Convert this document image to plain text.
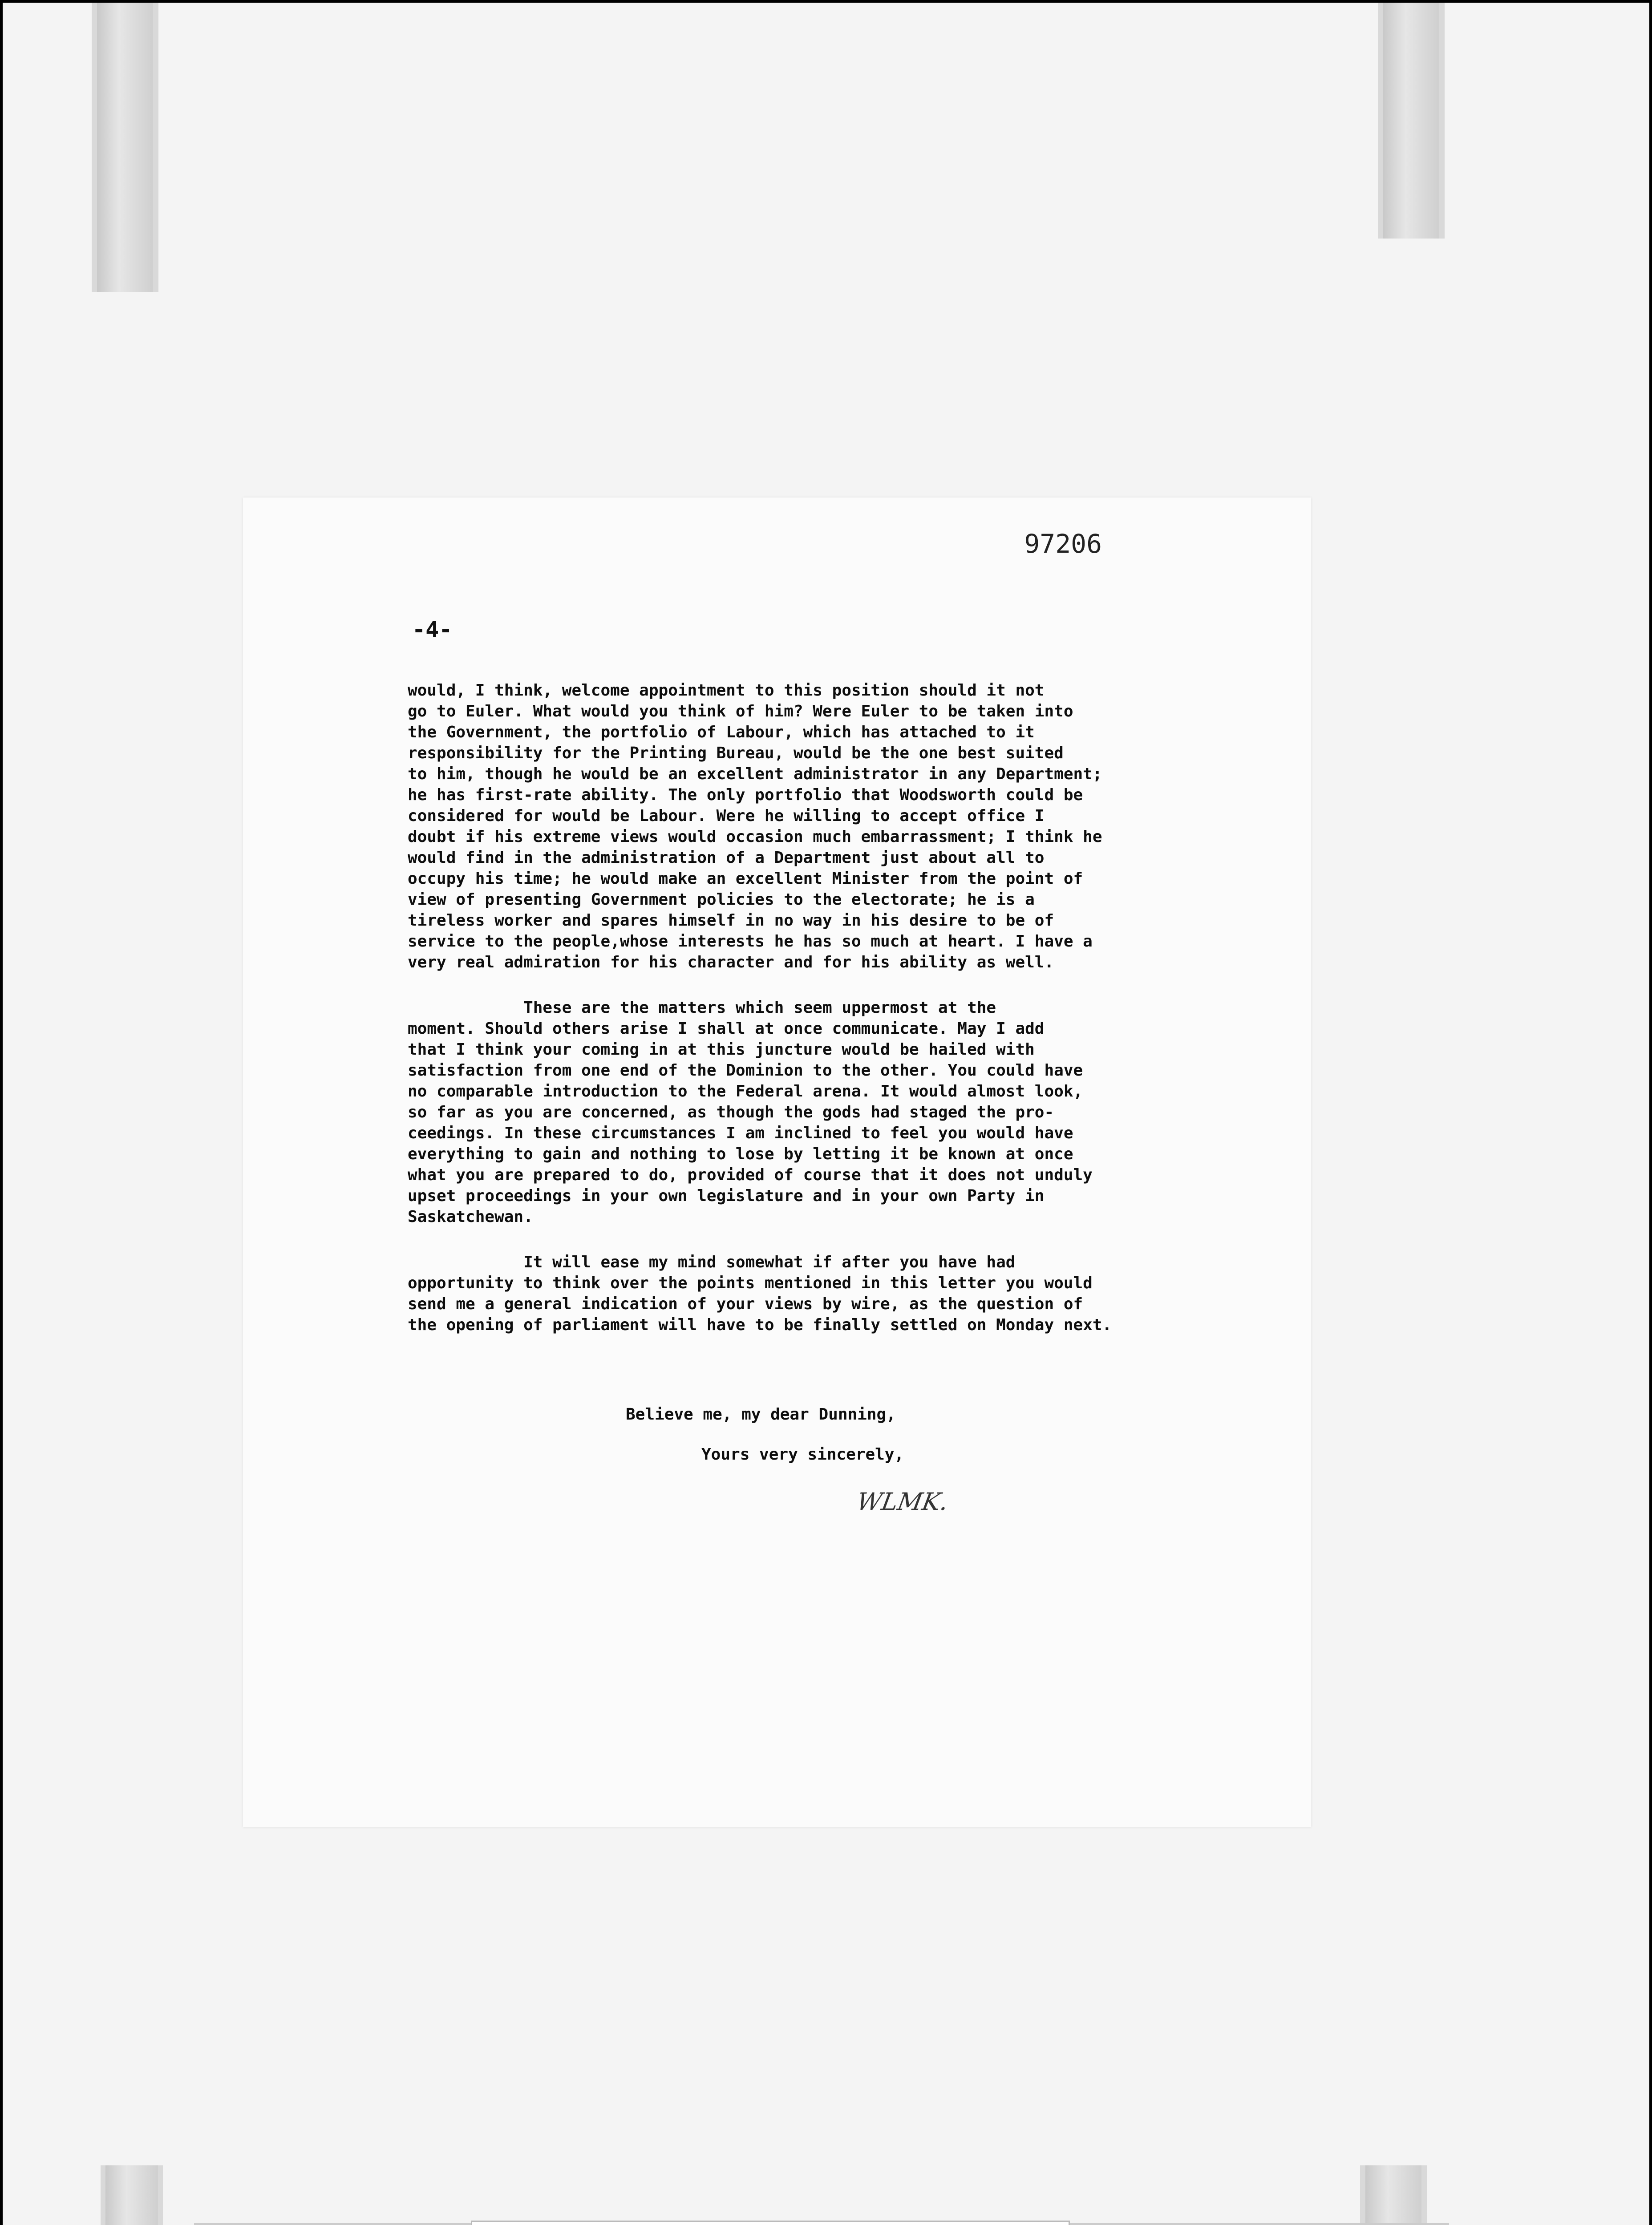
97206
-4-

would, I think, welcome appointment to this position should it not
go to Euler. What would you think of him? Were Euler to be taken into
the Government, the portfolio of Labour, which has attached to it
responsibility for the Printing Bureau, would be the one best suited
to him, though he would be an excellent administrator in any Department;
he has first-rate ability. The only portfolio that Woodsworth could be
considered for would be Labour. Were he willing to accept office I
doubt if his extreme views would occasion much embarrassment; I think he
would find in the administration of a Department just about all to
occupy his time; he would make an excellent Minister from the point of
view of presenting Government policies to the electorate; he is a
tireless worker and spares himself in no way in his desire to be of
service to the people,whose interests he has so much at heart. I have a
very real admiration for his character and for his ability as well.

These are the matters which seem uppermost at the
moment. Should others arise I shall at once communicate. May I add
that I think your coming in at this juncture would be hailed with
satisfaction from one end of the Dominion to the other. You could have
no comparable introduction to the Federal arena. It would almost look,
so far as you are concerned, as though the gods had staged the pro-
ceedings. In these circumstances I am inclined to feel you would have
everything to gain and nothing to lose by letting it be known at once
what you are prepared to do, provided of course that it does not unduly
upset proceedings in your own legislature and in your own Party in
Saskatchewan.

It will ease my mind somewhat if after you have had
opportunity to think over the points mentioned in this letter you would
send me a general indication of your views by wire, as the question of
the opening of parliament will have to be finally settled on Monday next.

Believe me, my dear Dunning,
Yours very sincerely,
WLMK.
